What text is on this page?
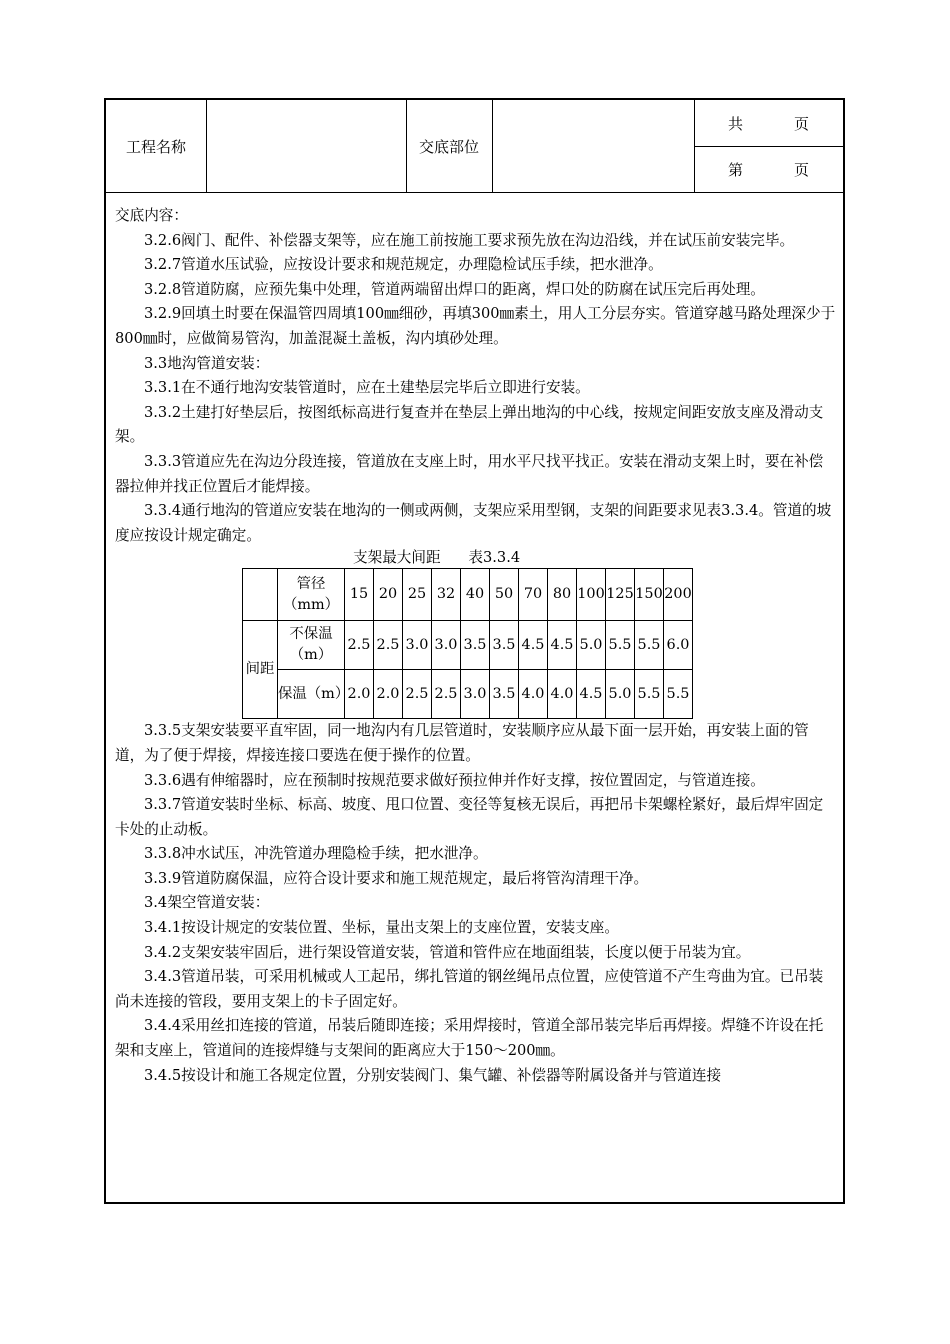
工程名称	交底部位
共	页
第	页

交底内容：

3.2.6阀门、配件、补偿器支架等，应在施工前按施工要求预先放在沟边沿线，并在试压前安装完毕。

3.2.7管道水压试验，应按设计要求和规范规定，办理隐检试压手续，把水泄净。

3.2.8管道防腐，应预先集中处理，管道两端留出焊口的距离，焊口处的防腐在试压完后再处理。

3.2.9回填土时要在保温管四周填100㎜细砂，再填300㎜素土，用人工分层夯实。管道穿越马路处理深少于800㎜时，应做简易管沟，加盖混凝土盖板，沟内填砂处理。

3.3地沟管道安装：

3.3.1在不通行地沟安装管道时，应在土建垫层完毕后立即进行安装。

3.3.2土建打好垫层后，按图纸标高进行复查并在垫层上弹出地沟的中心线，按规定间距安放支座及滑动支架。

3.3.3管道应先在沟边分段连接，管道放在支座上时，用水平尺找平找正。安装在滑动支架上时，要在补偿器拉伸并找正位置后才能焊接。

3.3.4通行地沟的管道应安装在地沟的一侧或两侧，支架应采用型钢，支架的间距要求见表3.3.4。管道的坡度应按设计规定确定。

支架最大间距      表3.3.4

	管径（mm）	15	20	25	32	40	50	70	80	100	125	150	200
间距	不保温（m）	2.5	2.5	3.0	3.0	3.5	3.5	4.5	4.5	5.0	5.5	5.5	6.0
	保温（m）	2.0	2.0	2.5	2.5	3.0	3.5	4.0	4.0	4.5	5.0	5.5	5.5

3.3.5支架安装要平直牢固，同一地沟内有几层管道时，安装顺序应从最下面一层开始，再安装上面的管道，为了便于焊接，焊接连接口要选在便于操作的位置。

3.3.6遇有伸缩器时，应在预制时按规范要求做好预拉伸并作好支撑，按位置固定，与管道连接。

3.3.7管道安装时坐标、标高、坡度、甩口位置、变径等复核无误后，再把吊卡架螺栓紧好，最后焊牢固定卡处的止动板。

3.3.8冲水试压，冲洗管道办理隐检手续，把水泄净。

3.3.9管道防腐保温，应符合设计要求和施工规范规定，最后将管沟清理干净。

3.4架空管道安装：

3.4.1按设计规定的安装位置、坐标，量出支架上的支座位置，安装支座。

3.4.2支架安装牢固后，进行架设管道安装，管道和管件应在地面组装，长度以便于吊装为宜。

3.4.3管道吊装，可采用机械或人工起吊，绑扎管道的钢丝绳吊点位置，应使管道不产生弯曲为宜。已吊装尚未连接的管段，要用支架上的卡子固定好。

3.4.4采用丝扣连接的管道，吊装后随即连接；采用焊接时，管道全部吊装完毕后再焊接。焊缝不许设在托架和支座上，管道间的连接焊缝与支架间的距离应大于150～200㎜。

3.4.5按设计和施工各规定位置，分别安装阀门、集气罐、补偿器等附属设备并与管道连接
